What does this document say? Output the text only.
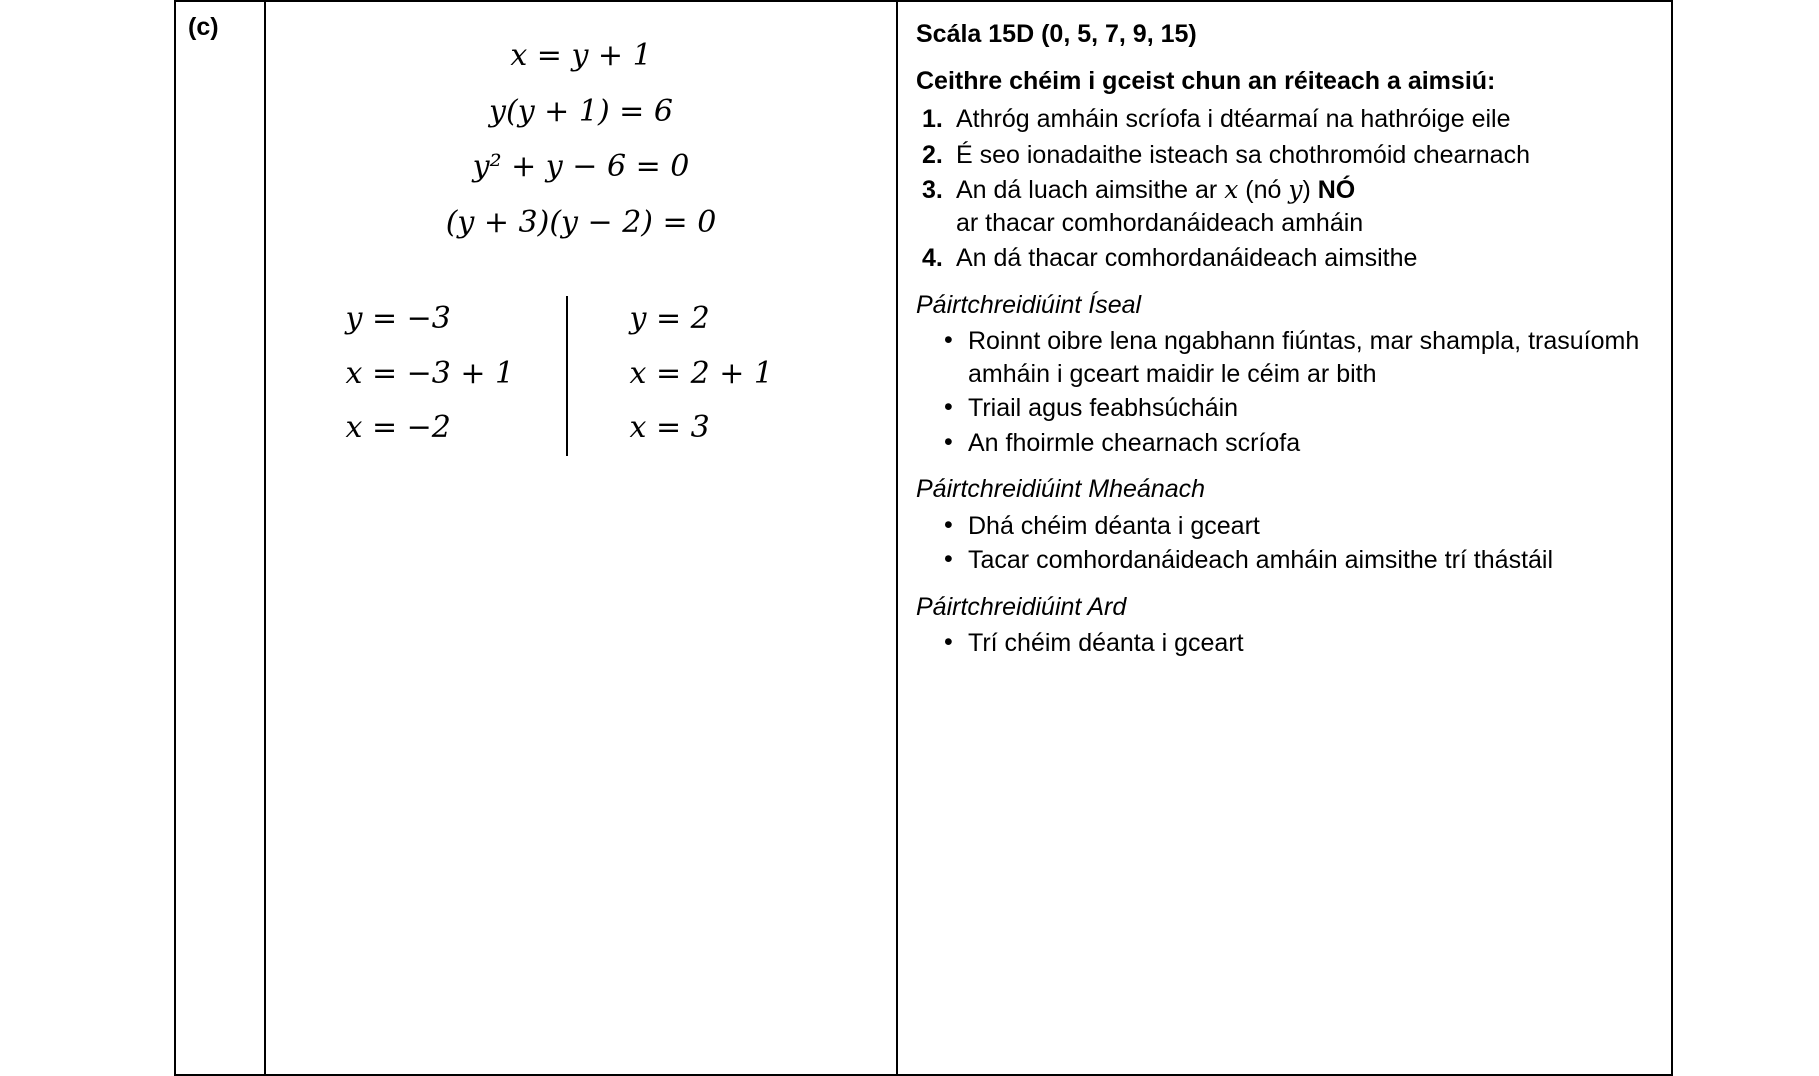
(c)

x = y + 1
y(y + 1) = 6
y² + y − 6 = 0
(y + 3)(y − 2) = 0
y = −3
x = −3 + 1
x = −2
y = 2
x = 2 + 1
x = 3

Scála 15D (0, 5, 7, 9, 15)
Ceithre chéim i gceist chun an réiteach a aimsiú:
1. Athróg amháin scríofa i dtéarmaí na hathróige eile
2. É seo ionadaithe isteach sa chothromóid chearnach
3. An dá luach aimsithe ar x (nó y) NÓ
ar thacar comhordanáideach amháin
4. An dá thacar comhordanáideach aimsithe
Páirtchreidiúint Íseal
• Roinnt oibre lena ngabhann fiúntas, mar shampla, trasuíomh amháin i gceart maidir le céim ar bith
• Triail agus feabhsúcháin
• An fhoirmle chearnach scríofa
Páirtchreidiúint Mheánach
• Dhá chéim déanta i gceart
• Tacar comhordanáideach amháin aimsithe trí thástáil
Páirtchreidiúint Ard
• Trí chéim déanta i gceart
